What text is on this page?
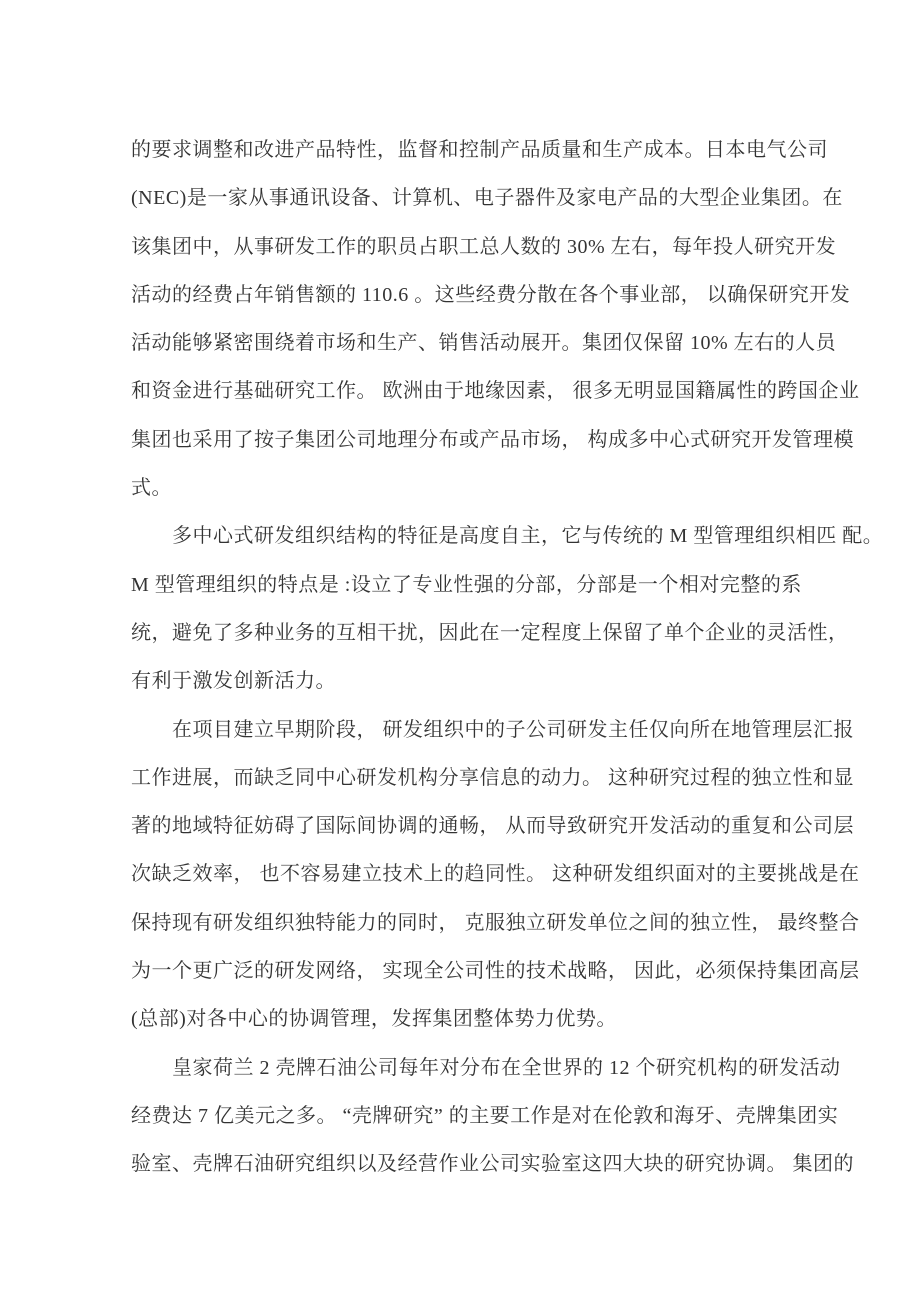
的要求调整和改进产品特性，监督和控制产品质量和生产成本。日本电气公司
(NEC)是一家从事通讯设备、计算机、电子器件及家电产品的大型企业集团。在
该集团中，从事研发工作的职员占职工总人数的 30% 左右，每年投人研究开发
活动的经费占年销售额的 110.6 。这些经费分散在各个事业部， 以确保研究开发
活动能够紧密围绕着市场和生产、销售活动展开。集团仅保留 10% 左右的人员
和资金进行基础研究工作。 欧洲由于地缘因素， 很多无明显国籍属性的跨国企业
集团也采用了按子集团公司地理分布或产品市场， 构成多中心式研究开发管理模
式。
多中心式研发组织结构的特征是高度自主，它与传统的 M 型管理组织相匹 配。
M 型管理组织的特点是 :设立了专业性强的分部，分部是一个相对完整的系
统，避免了多种业务的互相干扰，因此在一定程度上保留了单个企业的灵活性，
有利于激发创新活力。
在项目建立早期阶段， 研发组织中的子公司研发主任仅向所在地管理层汇报
工作进展，而缺乏同中心研发机构分享信息的动力。 这种研究过程的独立性和显
著的地域特征妨碍了国际间协调的通畅， 从而导致研究开发活动的重复和公司层
次缺乏效率， 也不容易建立技术上的趋同性。 这种研发组织面对的主要挑战是在
保持现有研发组织独特能力的同时， 克服独立研发单位之间的独立性， 最终整合
为一个更广泛的研发网络， 实现全公司性的技术战略， 因此，必须保持集团高层
(总部)对各中心的协调管理，发挥集团整体势力优势。
皇家荷兰 2 壳牌石油公司每年对分布在全世界的 12 个研究机构的研发活动
经费达 7 亿美元之多。 “壳牌研究” 的主要工作是对在伦敦和海牙、壳牌集团实
验室、壳牌石油研究组织以及经营作业公司实验室这四大块的研究协调。 集团的
